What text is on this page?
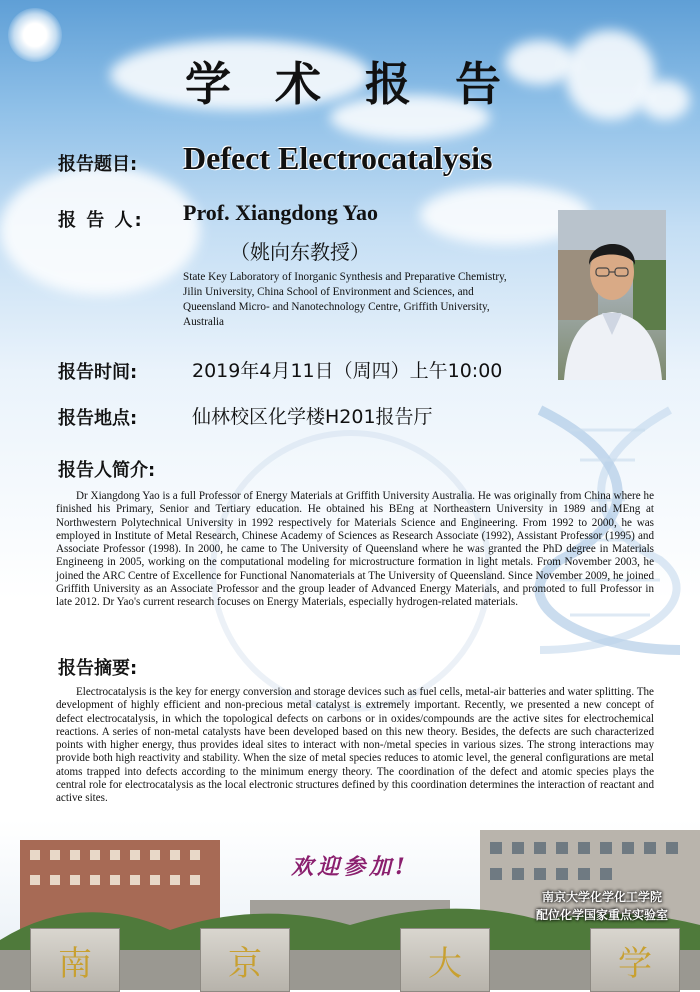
学 术 报 告
报告题目: Defect Electrocatalysis
报 告 人: Prof. Xiangdong Yao
（姚向东教授）
State Key Laboratory of Inorganic Synthesis and Preparative Chemistry, Jilin University, China School of Environment and Sciences, and Queensland Micro- and Nanotechnology Centre, Griffith University, Australia
报告时间:	2019年4月11日（周四）上午10:00
报告地点:	仙林校区化学楼H201报告厅
报告人简介:
Dr Xiangdong Yao is a full Professor of Energy Materials at Griffith University Australia. He was originally from China where he finished his Primary, Senior and Tertiary education. He obtained his BEng at Northeastern University in 1989 and MEng at Northwestern Polytechnical University in 1992 respectively for Materials Science and Engineering. From 1992 to 2000, he was employed in Institute of Metal Research, Chinese Academy of Sciences as Research Associate (1992), Assistant Professor (1995) and Associate Professor (1998). In 2000, he came to The University of Queensland where he was granted the PhD degree in Materials Engineeng in 2005, working on the computational modeling for microstructure formation in light metals. From November 2003, he joined the ARC Centre of Excellence for Functional Nanomaterials at The University of Queensland. Since November 2009, he joined Griffith University as an Associate Professor and the group leader of Advanced Energy Materials, and promoted to full Professor in late 2012. Dr Yao's current research focuses on Energy Materials, especially hydrogen-related materials.
报告摘要:
Electrocatalysis is the key for energy conversion and storage devices such as fuel cells, metal-air batteries and water splitting. The development of highly efficient and non-precious metal catalyst is extremely important. Recently, we presented a new concept of defect electrocatalysis, in which the topological defects on carbons or in oxides/compounds are the active sites for electrochemical reactions. A series of non-metal catalysts have been developed based on this new theory. Besides, the defects are such characterized points with higher energy, thus provides ideal sites to interact with non-/metal species in various sizes. The strong interactions may provide both high reactivity and stability. When the size of metal species reduces to atomic level, the general configurations are metal atoms trapped into defects according to the minimum energy theory. The coordination of the defect and atomic species plays the central role for electrocatalysis as the local electronic structures defined by this coordination determines the interaction of reactant and active sites.
南	京	大	学
欢迎参加!
南京大学化学化工学院
配位化学国家重点实验室
